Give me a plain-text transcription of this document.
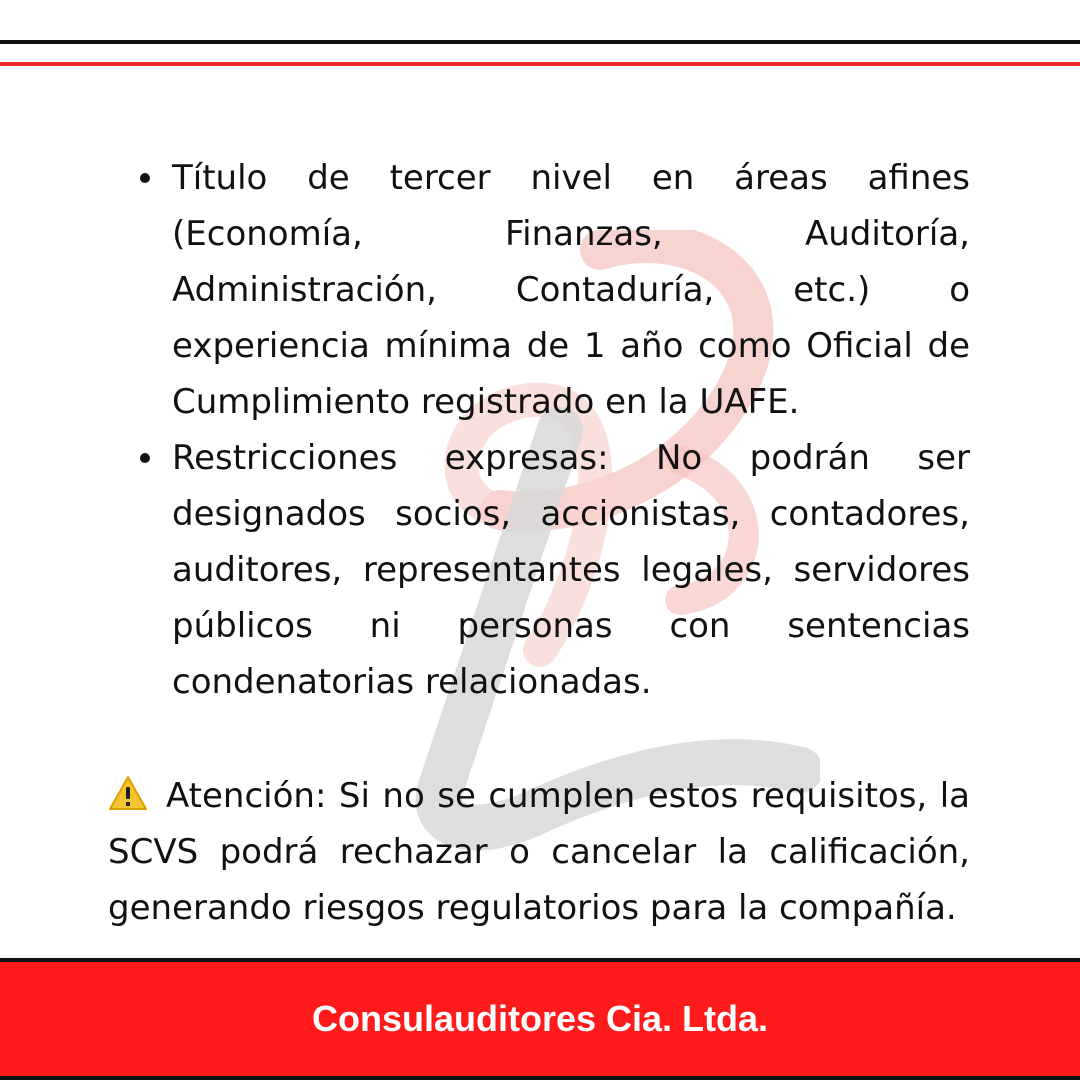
Título de tercer nivel en áreas afines (Economía, Finanzas, Auditoría, Administración, Contaduría, etc.) o experiencia mínima de 1 año como Oficial de Cumplimiento registrado en la UAFE.
Restricciones expresas: No podrán ser designados socios, accionistas, contadores, auditores, representantes legales, servidores públicos ni personas con sentencias condenatorias relacionadas.
Atención: Si no se cumplen estos requisitos, la SCVS podrá rechazar o cancelar la calificación, generando riesgos regulatorios para la compañía.
Consulauditores Cia. Ltda.
